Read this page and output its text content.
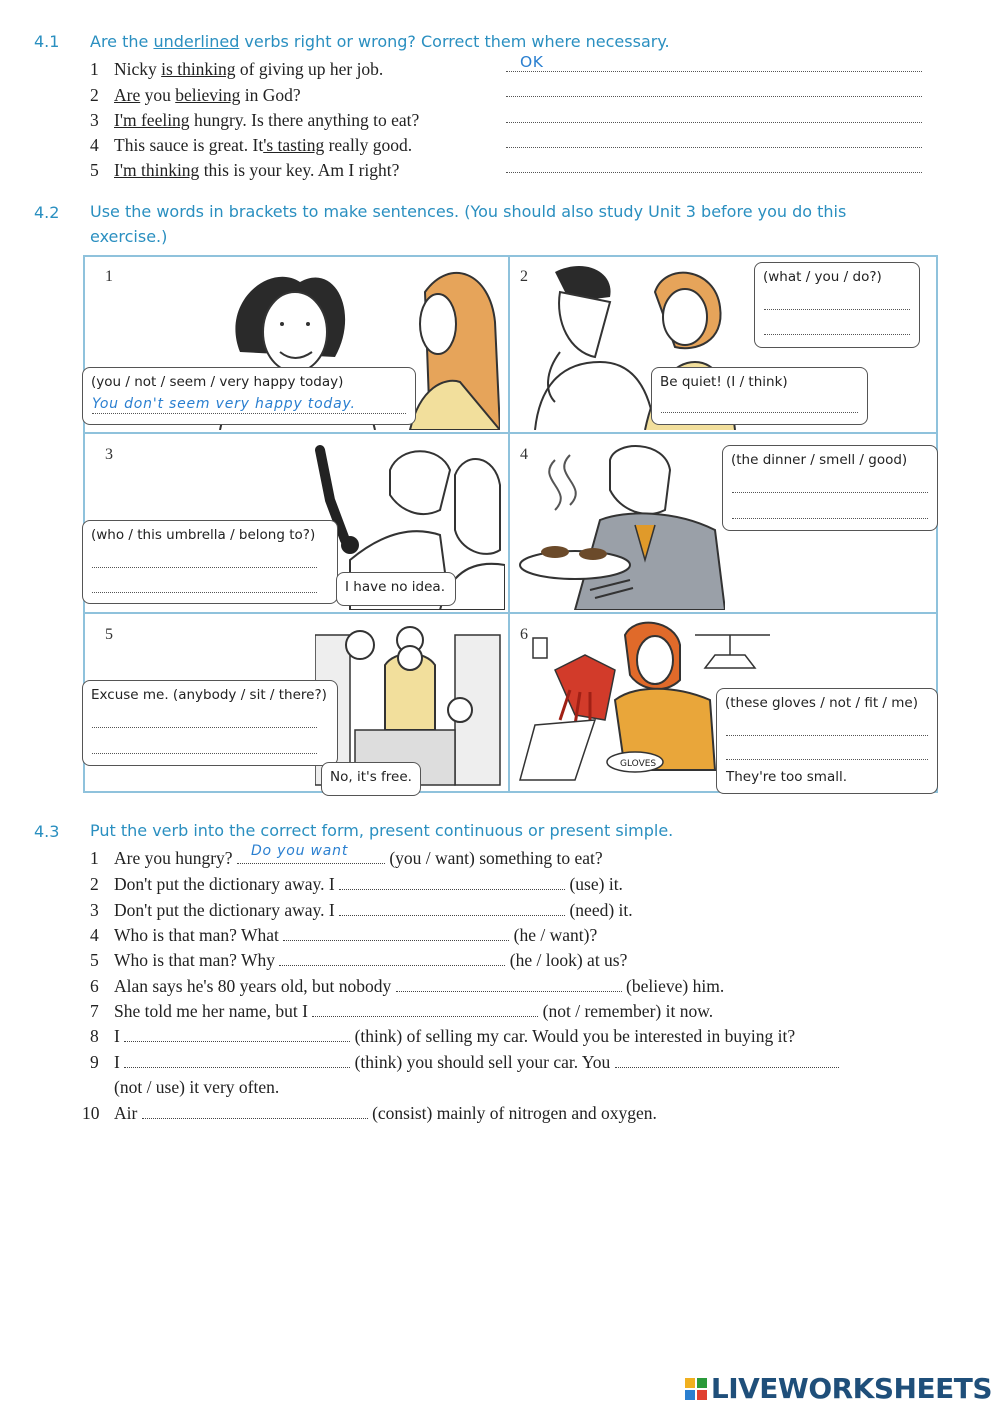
4.1 Are the underlined verbs right or wrong? Correct them where necessary.
1 Nicky is thinking of giving up her job.
2 Are you believing in God?
3 I'm feeling hungry. Is there anything to eat?
4 This sauce is great. It's tasting really good.
5 I'm thinking this is your key. Am I right?
OK
4.2 Use the words in brackets to make sentences. (You should also study Unit 3 before you do this exercise.)
GLOVES
1	2
3	4
5	6
(you / not / seem / very happy today)
You don't seem very happy today.
(what / you / do?)
Be quiet! (I / think)
(who / this umbrella / belong to?)
I have no idea.
(the dinner / smell / good)
Excuse me. (anybody / sit / there?)
No, it's free.
(these gloves / not / fit / me)
They're too small.
4.3 Put the verb into the correct form, present continuous or present simple.
1 Are you hungry? Do you want (you / want) something to eat?
2 Don't put the dictionary away. I	(use) it.
3 Don't put the dictionary away. I	(need) it.
4 Who is that man? What	(he / want)?
5 Who is that man? Why	(he / look) at us?
6 Alan says he's 80 years old, but nobody	(believe) him.
7 She told me her name, but I	(not / remember) it now.
8 I	(think) of selling my car. Would you be interested in buying it?
9 I	(think) you should sell your car. You
(not / use) it very often.
10 Air	(consist) mainly of nitrogen and oxygen.
LIVEWORKSHEETS
